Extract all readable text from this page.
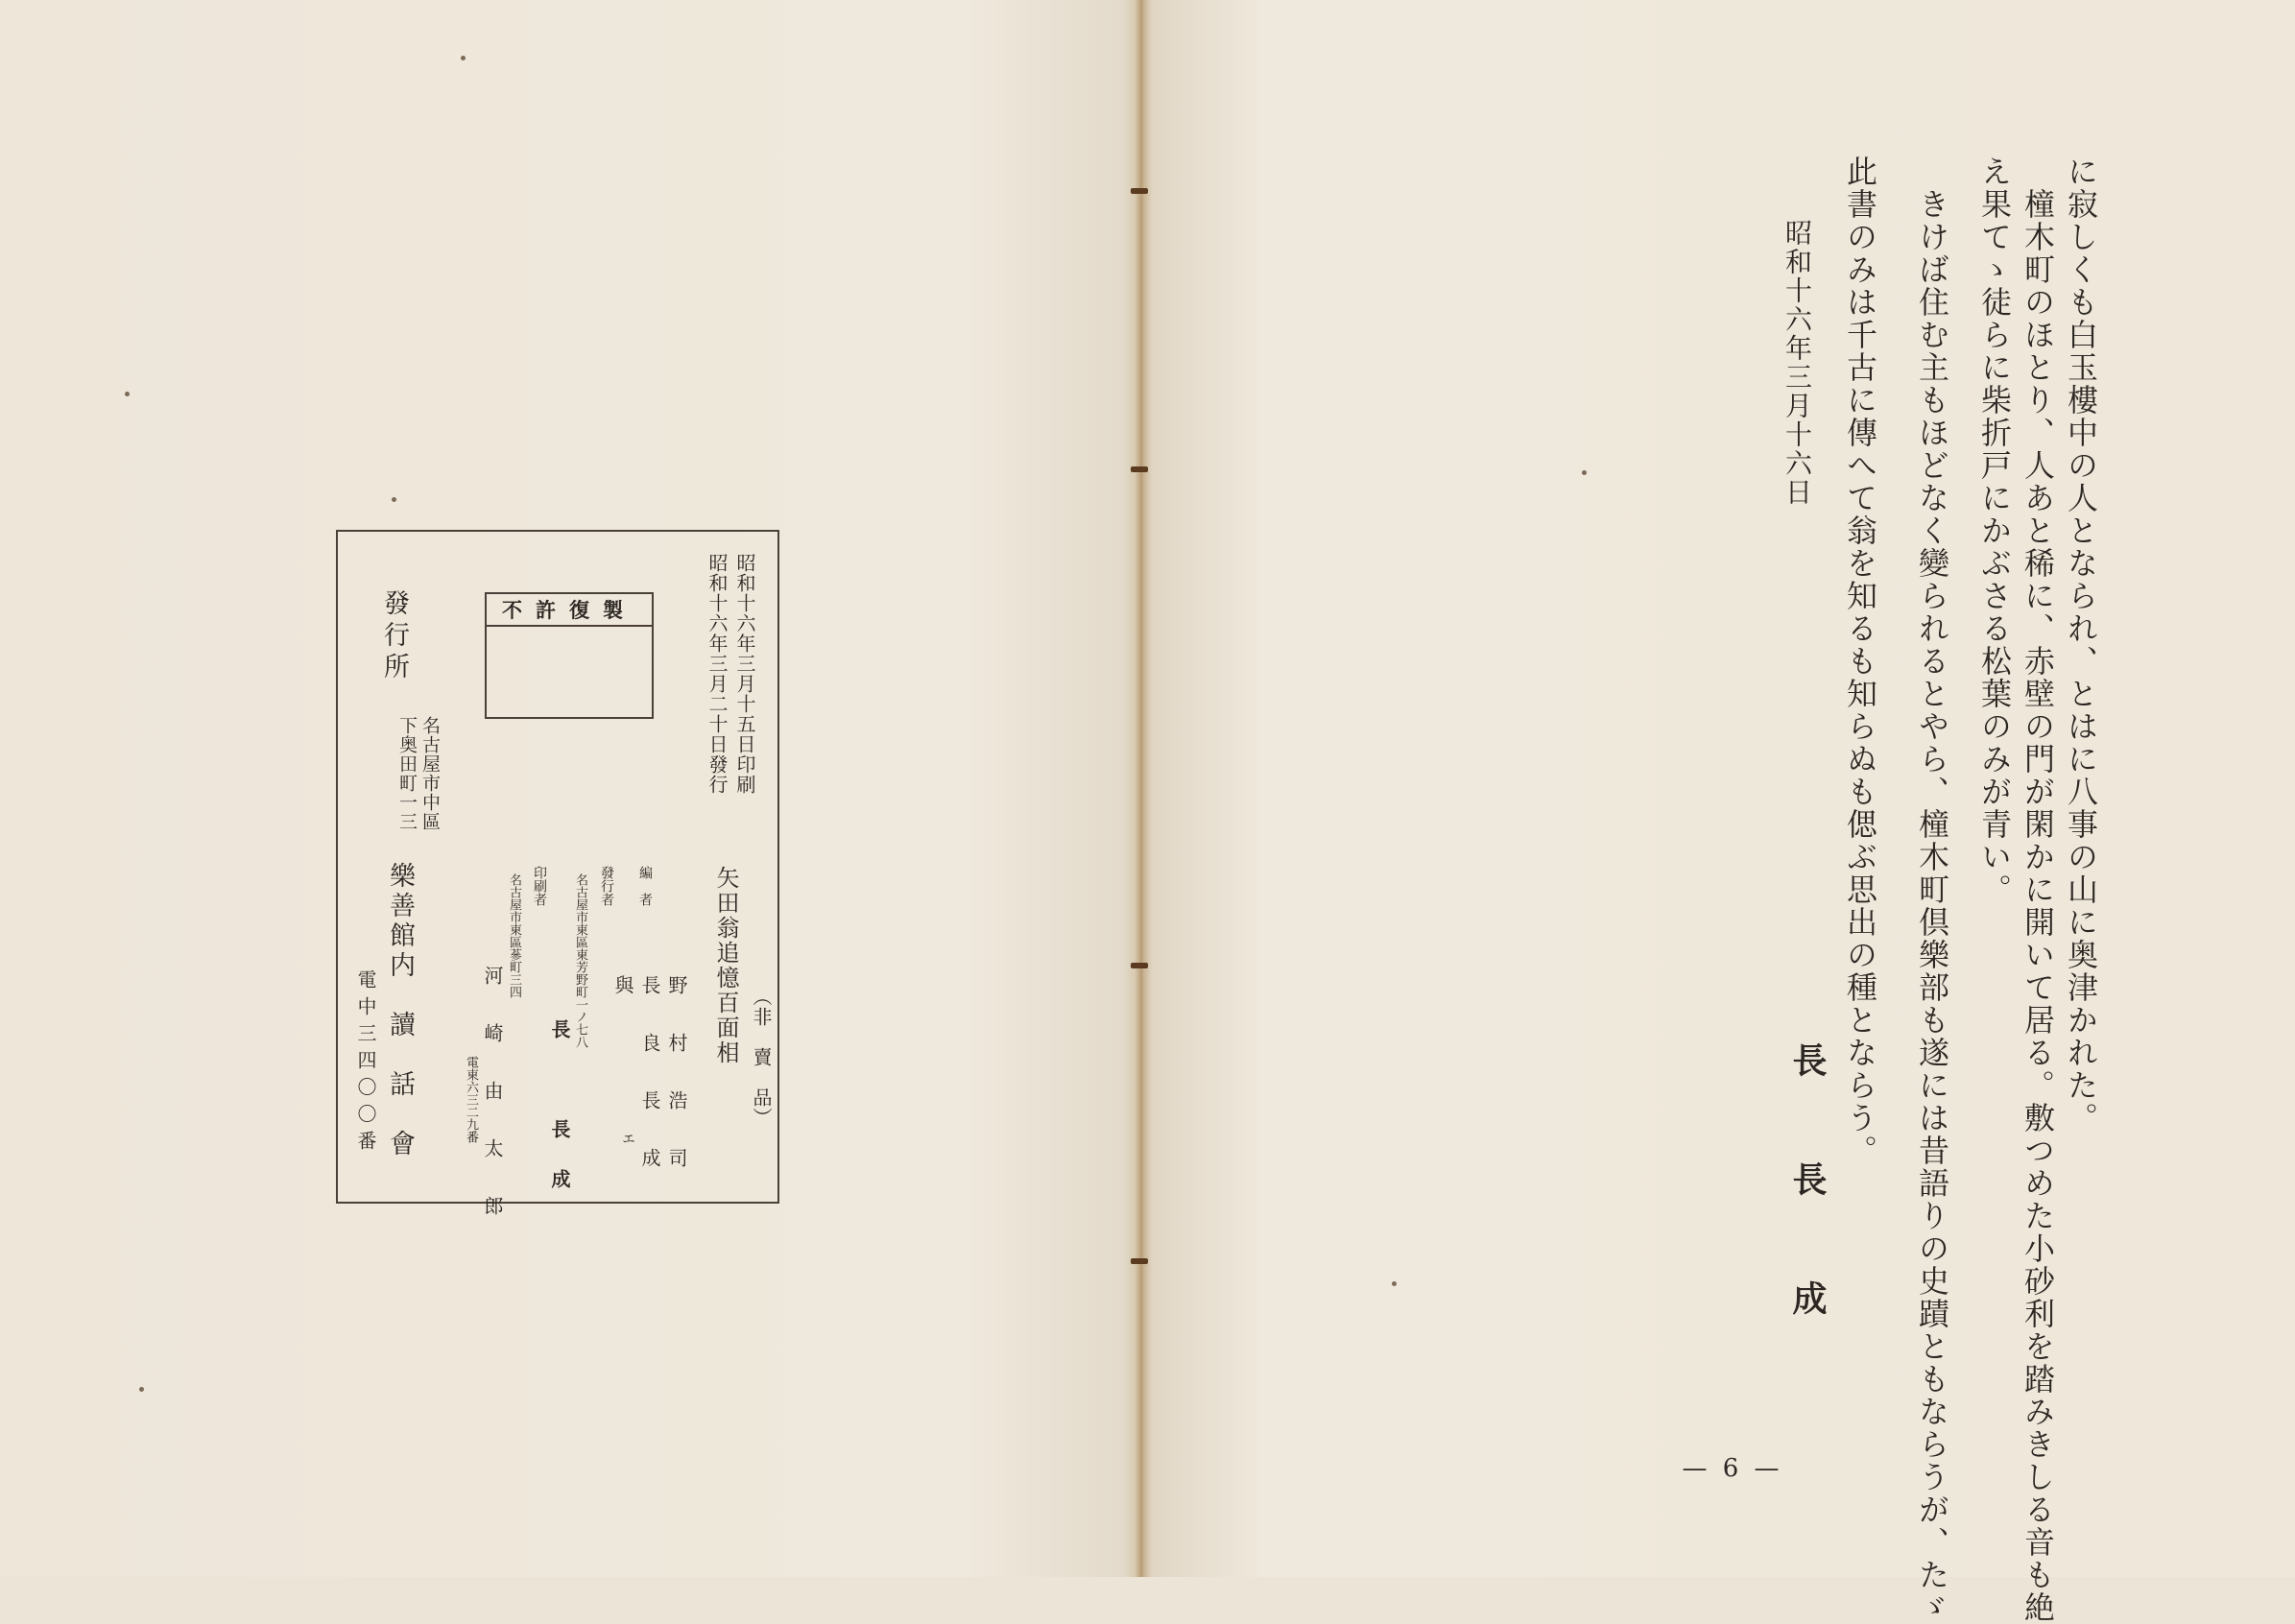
昭和十六年三月十五日印刷
昭和十六年三月二十日發行
不許復製
矢田翁追憶百面相 （非　賣　品）
編　者
野　村　浩　司
長　良　長　成
與
エ
發行者
名古屋市東區東芳野町一ノ七八
長　　　長　成
印刷者
名古屋市東區蔘町三四
河　崎　由　太　郎
電東六三二九番
發行所
名古屋市中區
下奥田町一三
樂善館内　讀　話　會
電中三四〇〇番	に寂しくも白玉樓中の人となられ、とはに八事の山に奥津かれた。
橦木町のほとり、人あと稀に、赤壁の門が閑かに開いて居る。敷つめた小砂利を踏みきしる音も絶
え果てゝ徒らに柴折戸にかぶさる松葉のみが青い。
きけば住む主もほどなく變られるとやら、橦木町倶樂部も遂には昔語りの史蹟ともならうが、たゞ
此書のみは千古に傳へて翁を知るも知らぬも偲ぶ思出の種とならう。
昭和十六年三月十六日
長　長　成
— 6 —
